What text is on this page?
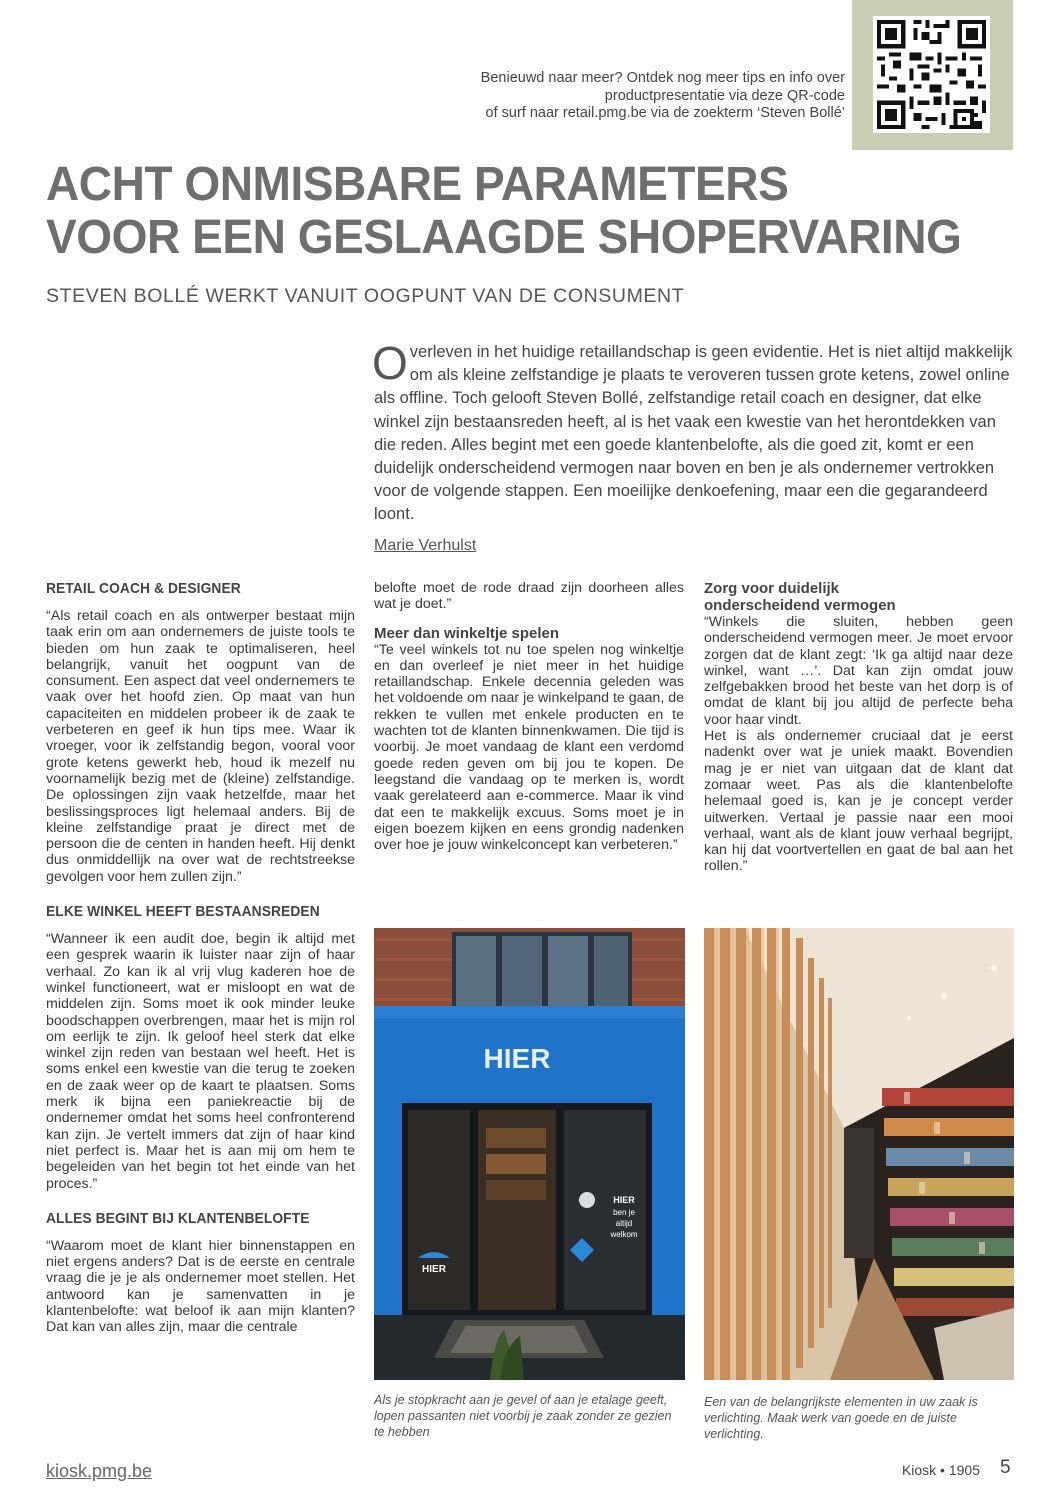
Benieuwd naar meer? Ontdek nog meer tips en info over
productpresentatie via deze QR-code
of surf naar retail.pmg.be via de zoekterm ‘Steven Bollé’
ACHT ONMISBARE PARAMETERS
VOOR EEN GESLAAGDE SHOPERVARING
STEVEN BOLLÉ WERKT VANUIT OOGPUNT VAN DE CONSUMENT
O verleven in het huidige retaillandschap is geen evidentie. Het is niet altijd makkelijk om als kleine zelfstandige je plaats te veroveren tussen grote ketens, zowel online als offline. Toch gelooft Steven Bollé, zelfstandige retail coach en designer, dat elke winkel zijn bestaansreden heeft, al is het vaak een kwestie van het herontdekken van die reden. Alles begint met een goede klantenbelofte, als die goed zit, komt er een duidelijk onderscheidend vermogen naar boven en ben je als ondernemer vertrokken voor de volgende stappen. Een moeilijke denkoefening, maar een die gegarandeerd loont.
Marie Verhulst
RETAIL COACH & DESIGNER

“Als retail coach en als ontwerper bestaat mijn taak erin om aan ondernemers de juiste tools te bieden om hun zaak te optimaliseren, heel belangrijk, vanuit het oogpunt van de consument. Een aspect dat veel ondernemers te vaak over het hoofd zien. Op maat van hun capaciteiten en middelen probeer ik de zaak te verbeteren en geef ik hun tips mee. Waar ik vroeger, voor ik zelfstandig begon, vooral voor grote ketens gewerkt heb, houd ik mezelf nu voornamelijk bezig met de (kleine) zelfstandige. De oplossingen zijn vaak hetzelfde, maar het beslissingsproces ligt helemaal anders. Bij de kleine zelfstandige praat je direct met de persoon die de centen in handen heeft. Hij denkt dus onmiddellijk na over wat de rechtstreekse gevolgen voor hem zullen zijn.”

ELKE WINKEL HEEFT BESTAANSREDEN

“Wanneer ik een audit doe, begin ik altijd met een gesprek waarin ik luister naar zijn of haar verhaal. Zo kan ik al vrij vlug kaderen hoe de winkel functioneert, wat er misloopt en wat de middelen zijn. Soms moet ik ook minder leuke boodschappen overbrengen, maar het is mijn rol om eerlijk te zijn. Ik geloof heel sterk dat elke winkel zijn reden van bestaan wel heeft. Het is soms enkel een kwestie van die terug te zoeken en de zaak weer op de kaart te plaatsen. Soms merk ik bijna een paniekreactie bij de ondernemer omdat het soms heel confronterend kan zijn. Je vertelt immers dat zijn of haar kind niet perfect is. Maar het is aan mij om hem te begeleiden van het begin tot het einde van het proces.”

ALLES BEGINT BIJ KLANTENBELOFTE

“Waarom moet de klant hier binnenstappen en niet ergens anders? Dat is de eerste en centrale vraag die je je als ondernemer moet stellen. Het antwoord kan je samenvatten in je klantenbelofte: wat beloof ik aan mijn klanten? Dat kan van alles zijn, maar die centrale

belofte moet de rode draad zijn doorheen alles wat je doet.”

Meer dan winkeltje spelen

“Te veel winkels tot nu toe spelen nog winkeltje en dan overleef je niet meer in het huidige retaillandschap. Enkele decennia geleden was het voldoende om naar je winkelpand te gaan, de rekken te vullen met enkele producten en te wachten tot de klanten binnenkwamen. Die tijd is voorbij. Je moet vandaag de klant een verdomd goede reden geven om bij jou te kopen. De leegstand die vandaag op te merken is, wordt vaak gerelateerd aan e-commerce. Maar ik vind dat een te makkelijk excuus. Soms moet je in eigen boezem kijken en eens grondig nadenken over hoe je jouw winkelconcept kan verbeteren.”

Zorg voor duidelijk
onderscheidend vermogen

“Winkels die sluiten, hebben geen onderscheidend vermogen meer. Je moet ervoor zorgen dat de klant zegt: ‘Ik ga altijd naar deze winkel, want …’. Dat kan zijn omdat jouw zelfgebakken brood het beste van het dorp is of omdat de klant bij jou altijd de perfecte beha voor haar vindt.

Het is als ondernemer cruciaal dat je eerst nadenkt over wat je uniek maakt. Bovendien mag je er niet van uitgaan dat de klant dat zomaar weet. Pas als die klantenbelofte helemaal goed is, kan je je concept verder uitwerken. Vertaal je passie naar een mooi verhaal, want als de klant jouw verhaal begrijpt, kan hij dat voortvertellen en gaat de bal aan het rollen.”

HIER
HIER
ben je
altijd
welkom
HIER
Als je stopkracht aan je gevel of aan je etalage geeft, lopen passanten niet voorbij je zaak zonder ze gezien te hebben
Een van de belangrijkste elementen in uw zaak is verlichting. Maak werk van goede en de juiste verlichting.
kiosk.pmg.be	Kiosk • 1905 5
